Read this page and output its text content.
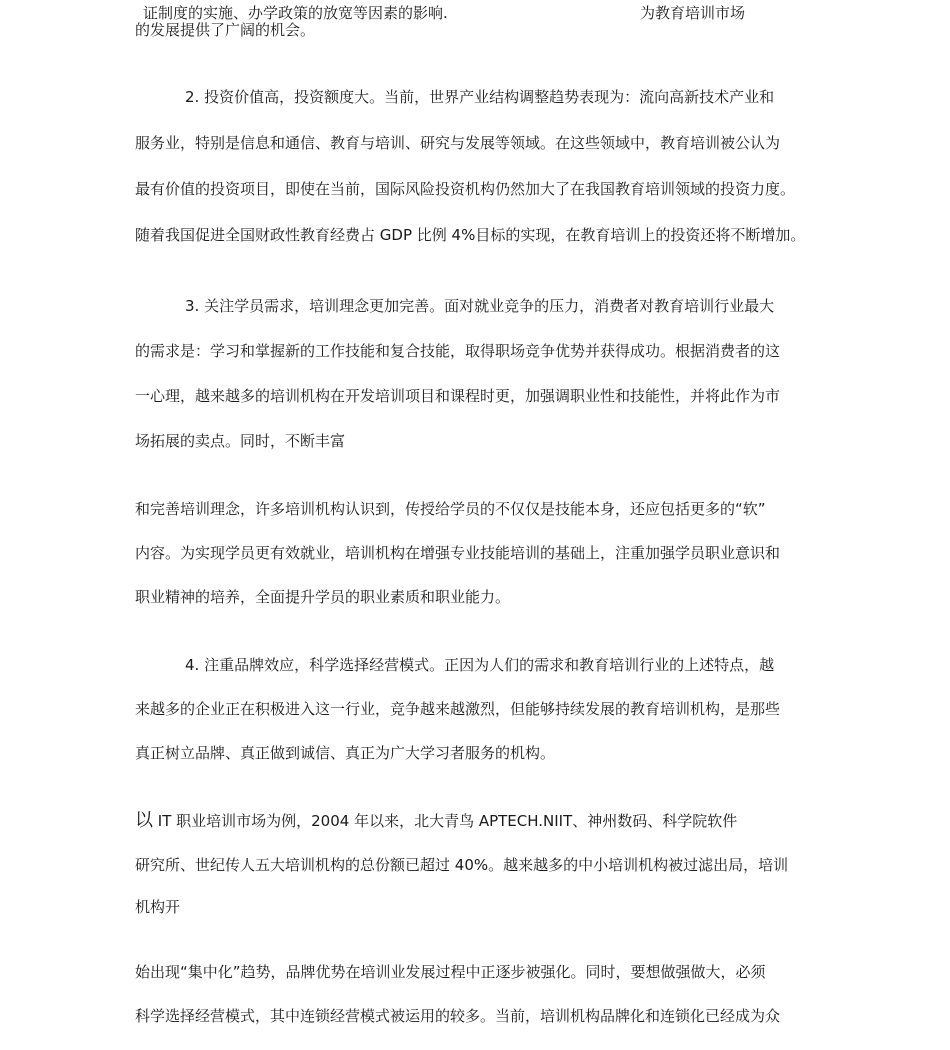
证制度的实施、办学政策的放宽等因素的影响.	为教育培训市场
的发展提供了广阔的机会。
2. 投资价值高，投资额度大。当前，世界产业结构调整趋势表现为：流向高新技术产业和
服务业，特别是信息和通信、教育与培训、研究与发展等领域。在这些领域中，教育培训被公认为
最有价值的投资项目，即使在当前，国际风险投资机构仍然加大了在我国教育培训领域的投资力度。
随着我国促进全国财政性教育经费占 GDP 比例 4%目标的实现，在教育培训上的投资还将不断增加。
3. 关注学员需求，培训理念更加完善。面对就业竞争的压力，消费者对教育培训行业最大
的需求是：学习和掌握新的工作技能和复合技能，取得职场竞争优势并获得成功。根据消费者的这
一心理，越来越多的培训机构在开发培训项目和课程时更，加强调职业性和技能性，并将此作为市
场拓展的卖点。同时，不断丰富
和完善培训理念，许多培训机构认识到，传授给学员的不仅仅是技能本身，还应包括更多的“软”
内容。为实现学员更有效就业，培训机构在增强专业技能培训的基础上，注重加强学员职业意识和
职业精神的培养，全面提升学员的职业素质和职业能力。
4. 注重品牌效应，科学选择经营模式。正因为人们的需求和教育培训行业的上述特点，越
来越多的企业正在积极进入这一行业，竞争越来越激烈，但能够持续发展的教育培训机构，是那些
真正树立品牌、真正做到诚信、真正为广大学习者服务的机构。
以 IT 职业培训市场为例，2004 年以来，北大青鸟 APTECH.NIIT、神州数码、科学院软件
研究所、世纪传人五大培训机构的总份额已超过 40%。越来越多的中小培训机构被过滤出局，培训
机构开
始出现“集中化”趋势，品牌优势在培训业发展过程中正逐步被强化。同时，要想做强做大，必须
科学选择经营模式，其中连锁经营模式被运用的较多。当前，培训机构品牌化和连锁化已经成为众
